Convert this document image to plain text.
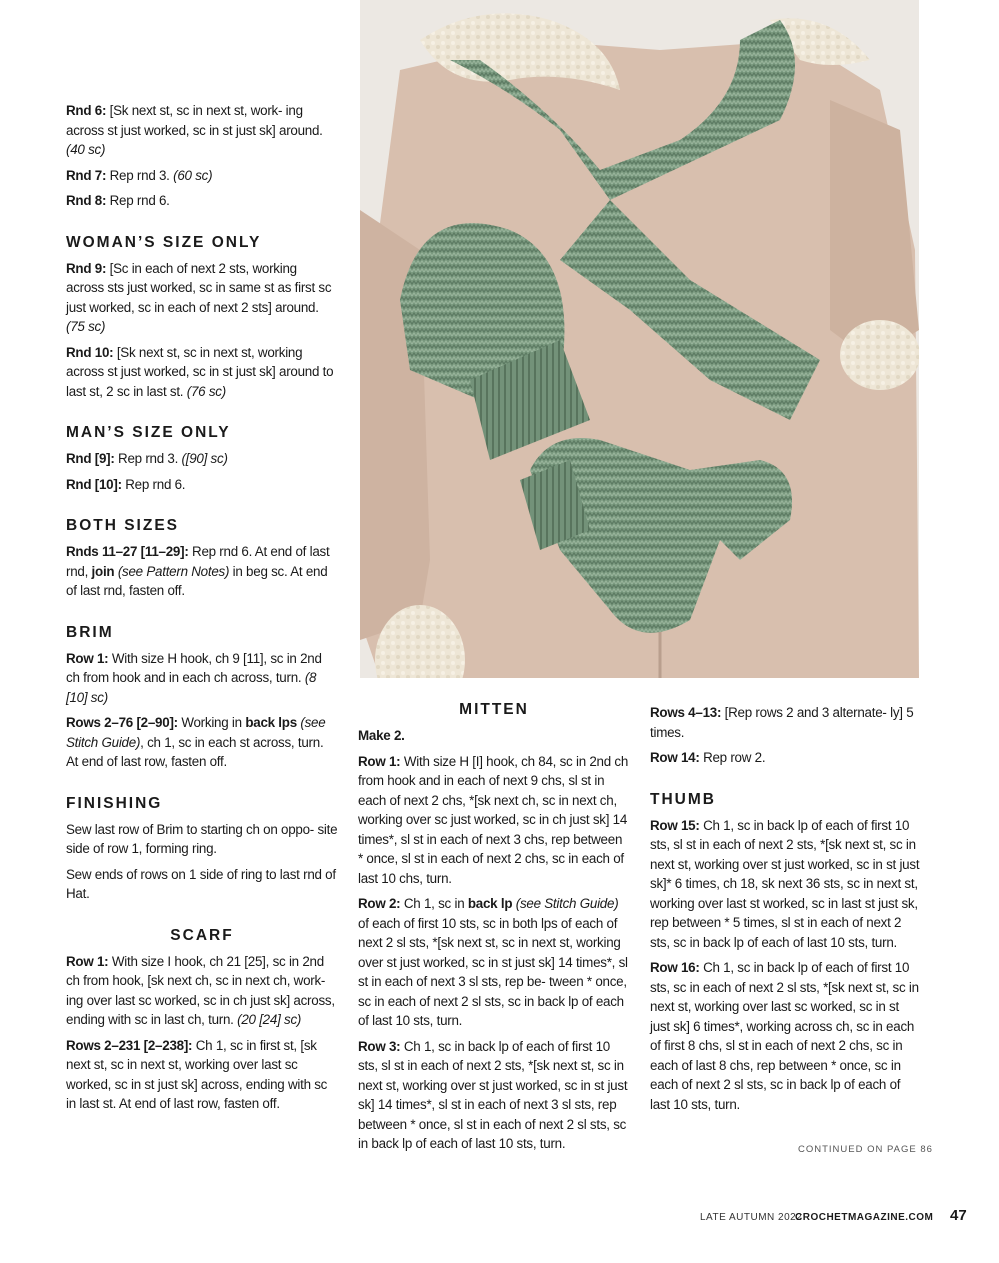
Rnd 6: [Sk next st, sc in next st, work- ing across st just worked, sc in st just sk] around. (40 sc)

Rnd 7: Rep rnd 3. (60 sc)

Rnd 8: Rep rnd 6.

WOMAN’S SIZE ONLY

Rnd 9: [Sc in each of next 2 sts, working across sts just worked, sc in same st as first sc just worked, sc in each of next 2 sts] around. (75 sc)

Rnd 10: [Sk next st, sc in next st, working across st just worked, sc in st just sk] around to last st, 2 sc in last st. (76 sc)

MAN’S SIZE ONLY

Rnd [9]: Rep rnd 3. ([90] sc)

Rnd [10]: Rep rnd 6.

BOTH SIZES

Rnds 11–27 [11–29]: Rep rnd 6. At end of last rnd, join (see Pattern Notes) in beg sc. At end of last rnd, fasten off.

BRIM

Row 1: With size H hook, ch 9 [11], sc in 2nd ch from hook and in each ch across, turn. (8 [10] sc)

Rows 2–76 [2–90]: Working in back lps (see Stitch Guide), ch 1, sc in each st across, turn. At end of last row, fasten off.

FINISHING

Sew last row of Brim to starting ch on oppo- site side of row 1, forming ring.

Sew ends of rows on 1 side of ring to last rnd of Hat.

SCARF

Row 1: With size I hook, ch 21 [25], sc in 2nd ch from hook, [sk next ch, sc in next ch, work- ing over last sc worked, sc in ch just sk] across, ending with sc in last ch, turn. (20 [24] sc)

Rows 2–231 [2–238]: Ch 1, sc in first st, [sk next st, sc in next st, working over last sc worked, sc in st just sk] across, ending with sc in last st. At end of last row, fasten off.

MITTEN

Make 2.

Row 1: With size H [I] hook, ch 84, sc in 2nd ch from hook and in each of next 9 chs, sl st in each of next 2 chs, *[sk next ch, sc in next ch, working over sc just worked, sc in ch just sk] 14 times*, sl st in each of next 3 chs, rep between * once, sl st in each of next 2 chs, sc in each of last 10 chs, turn.

Row 2: Ch 1, sc in back lp (see Stitch Guide) of each of first 10 sts, sc in both lps of each of next 2 sl sts, *[sk next st, sc in next st, working over st just worked, sc in st just sk] 14 times*, sl st in each of next 3 sl sts, rep be- tween * once, sc in each of next 2 sl sts, sc in back lp of each of last 10 sts, turn.

Row 3: Ch 1, sc in back lp of each of first 10 sts, sl st in each of next 2 sts, *[sk next st, sc in next st, working over st just worked, sc in st just sk] 14 times*, sl st in each of next 3 sl sts, rep between * once, sl st in each of next 2 sl sts, sc in back lp of each of last 10 sts, turn.

Rows 4–13: [Rep rows 2 and 3 alternate- ly] 5 times.

Row 14: Rep row 2.

THUMB

Row 15: Ch 1, sc in back lp of each of first 10 sts, sl st in each of next 2 sts, *[sk next st, sc in next st, working over st just worked, sc in st just sk]* 6 times, ch 18, sk next 36 sts, sc in next st, working over last st worked, sc in last st just sk, rep between * 5 times, sl st in each of next 2 sts, sc in back lp of each of last 10 sts, turn.

Row 16: Ch 1, sc in back lp of each of first 10 sts, sc in each of next 2 sl sts, *[sk next st, sc in next st, working over last sc worked, sc in st just sk] 6 times*, working across ch, sc in each of first 8 chs, sl st in each of next 2 chs, sc in each of last 8 chs, rep between * once, sc in each of next 2 sl sts, sc in back lp of each of last 10 sts, turn.

CONTINUED ON PAGE 86
LATE AUTUMN 2022
CROCHETMAGAZINE.COM 47
